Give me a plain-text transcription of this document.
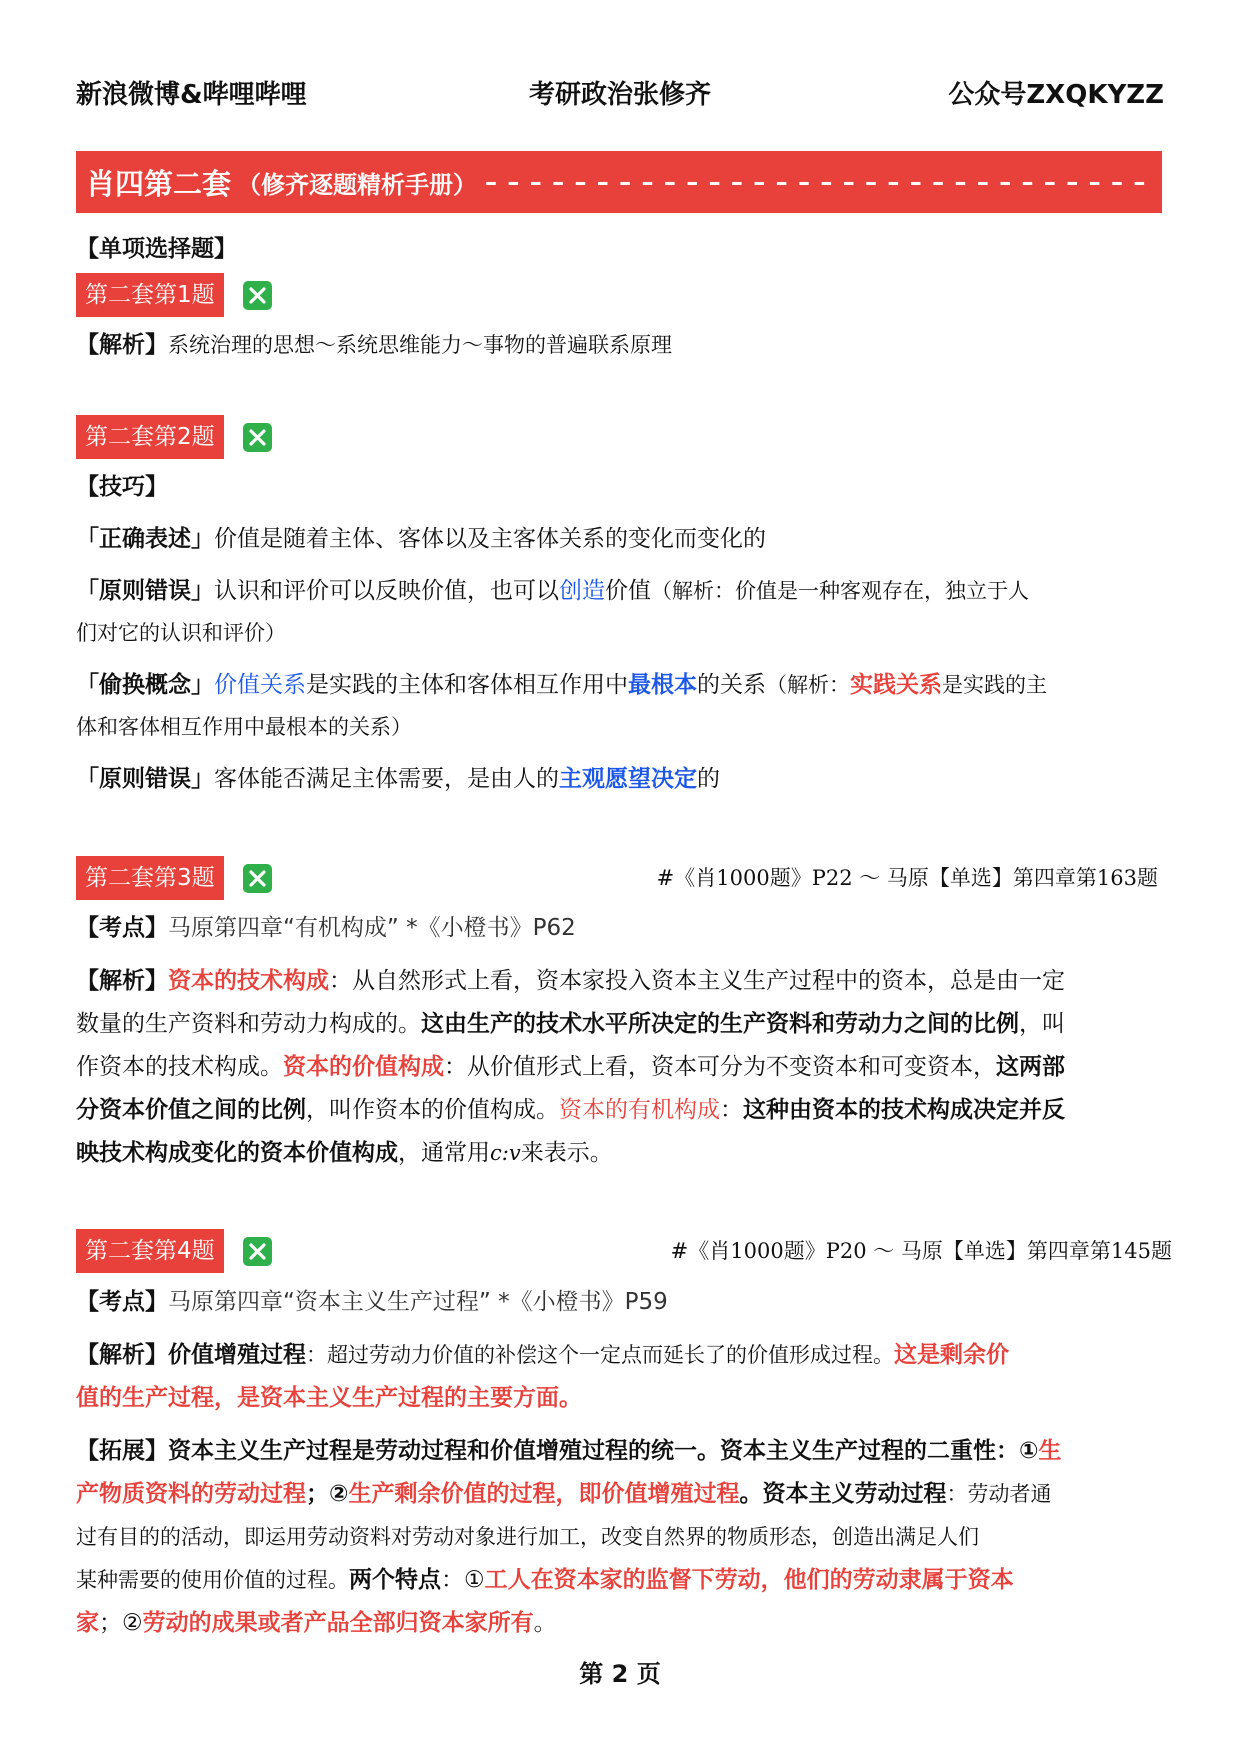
新浪微博&哔哩哔哩	考研政治张修齐	公众号ZXQKYZZ
肖四第二套 （修齐逐题精析手册） – – – – – – – – – – – – – – – – – – – – – – – – – – – – – –
【单项选择题】
第二套第1题
【解析】系统治理的思想～系统思维能力～事物的普遍联系原理
第二套第2题
【技巧】
「正确表述」价值是随着主体、客体以及主客体关系的变化而变化的
「原则错误」认识和评价可以反映价值，也可以创造价值（解析：价值是一种客观存在，独立于人
们对它的认识和评价）
「偷换概念」价值关系是实践的主体和客体相互作用中最根本的关系（解析：实践关系是实践的主
体和客体相互作用中最根本的关系）
「原则错误」客体能否满足主体需要，是由人的主观愿望决定的
第二套第3题	#《肖1000题》P22 ～ 马原【单选】第四章第163题
【考点】马原第四章“有机构成” *《小橙书》P62
【解析】资本的技术构成：从自然形式上看，资本家投入资本主义生产过程中的资本，总是由一定
数量的生产资料和劳动力构成的。这由生产的技术水平所决定的生产资料和劳动力之间的比例，叫
作资本的技术构成。资本的价值构成：从价值形式上看，资本可分为不变资本和可变资本，这两部
分资本价值之间的比例，叫作资本的价值构成。资本的有机构成：这种由资本的技术构成决定并反
映技术构成变化的资本价值构成，通常用c:v来表示。
第二套第4题	#《肖1000题》P20 ～ 马原【单选】第四章第145题
【考点】马原第四章“资本主义生产过程” *《小橙书》P59
【解析】价值增殖过程：超过劳动力价值的补偿这个一定点而延长了的价值形成过程。这是剩余价
值的生产过程，是资本主义生产过程的主要方面。
【拓展】资本主义生产过程是劳动过程和价值增殖过程的统一。资本主义生产过程的二重性：①生
产物质资料的劳动过程；②生产剩余价值的过程，即价值增殖过程。资本主义劳动过程：劳动者通
过有目的的活动，即运用劳动资料对劳动对象进行加工，改变自然界的物质形态，创造出满足人们
某种需要的使用价值的过程。两个特点：①工人在资本家的监督下劳动，他们的劳动隶属于资本
家；②劳动的成果或者产品全部归资本家所有。
第 2 页
